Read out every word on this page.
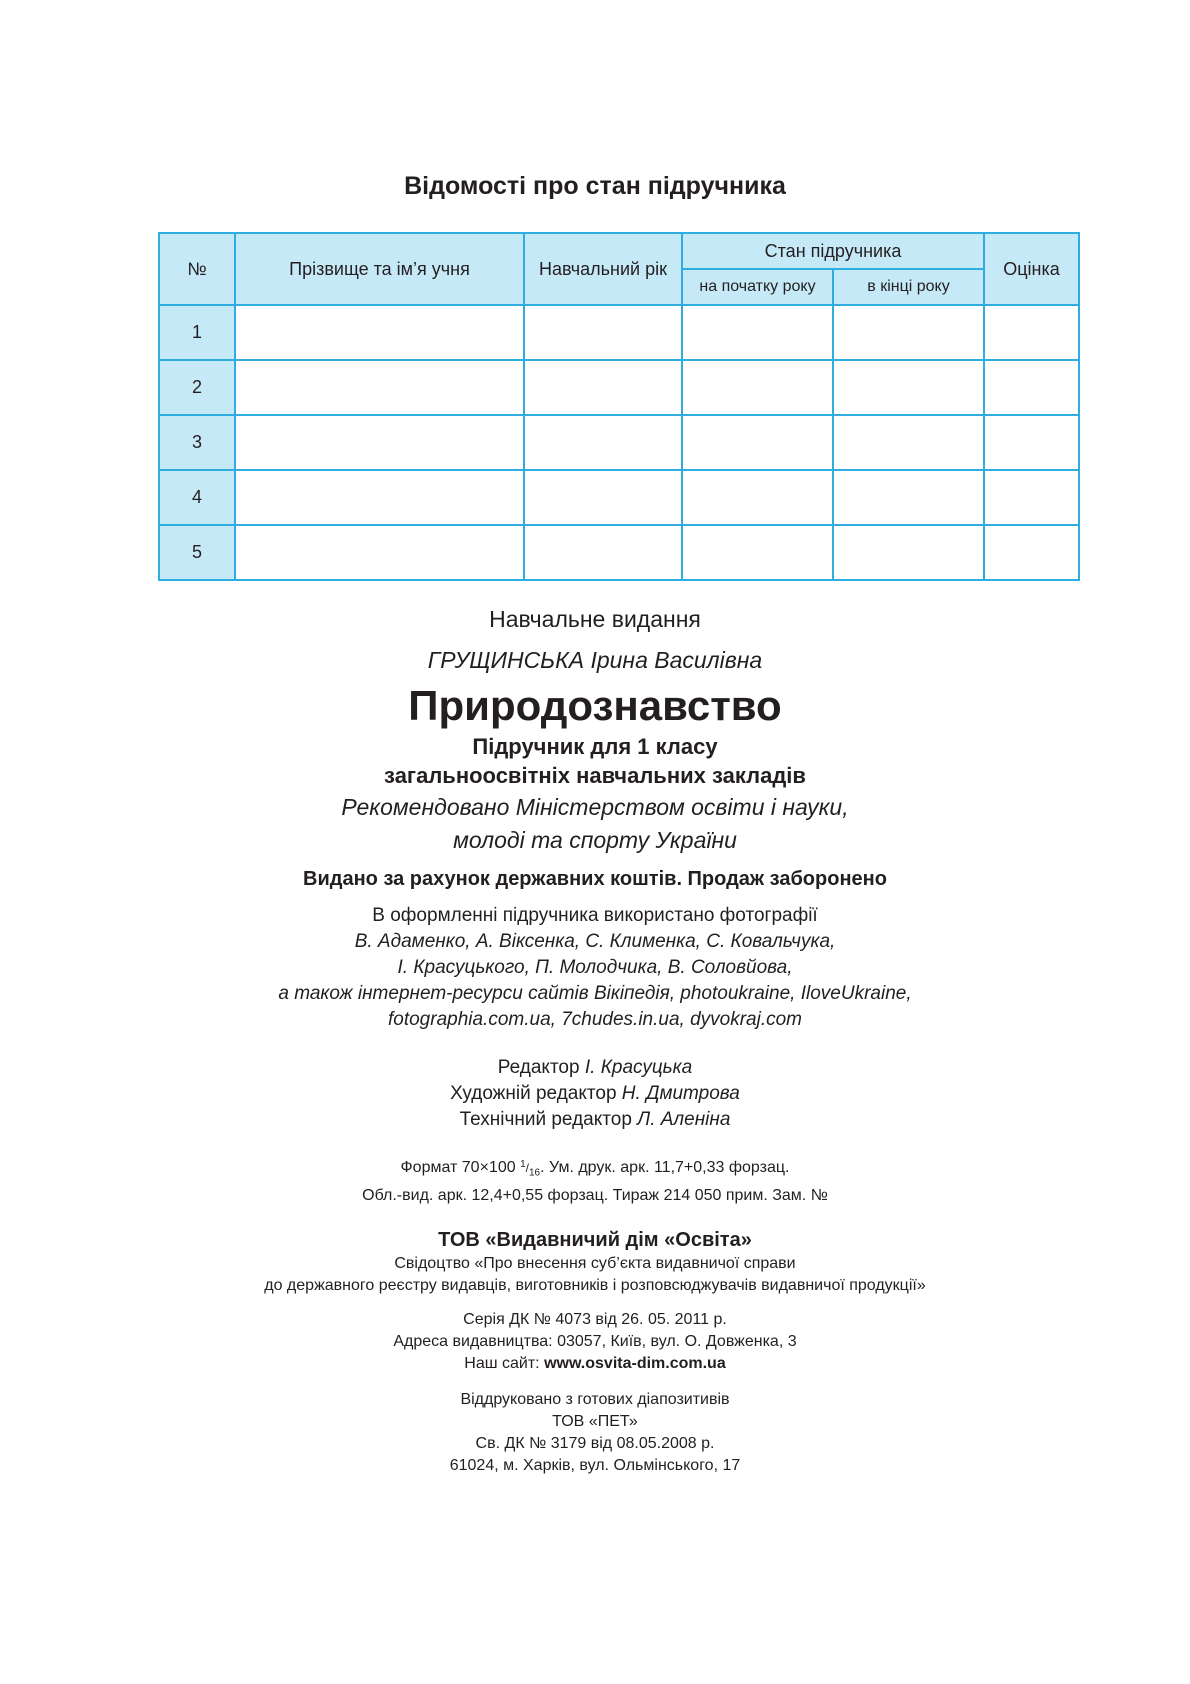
Відомості про стан підручника
№	Прізвище та ім’я учня	Навчальний рік	Стан підручника		Оцінка
			на початку року	в кінці року	
1					
2					
3					
4					
5					
Навчальне видання
ГРУЩИНСЬКА Ірина Василівна
Природознавство
Підручник для 1 класу
загальноосвітніх навчальних закладів
Рекомендовано Міністерством освіти і науки,
молоді та спорту України
Видано за рахунок державних коштів. Продаж заборонено
В оформленні підручника використано фотографії
В. Адаменко, А. Віксенка, С. Клименка, С. Ковальчука,
І. Красуцького, П. Молодчика, В. Соловйова,
а також інтернет-ресурси сайтів Вікіпедія, photoukraine, IloveUkraine,
fotographia.com.ua, 7chudes.in.ua, dyvokraj.com
Редактор І. Красуцька
Художній редактор Н. Дмитрова
Технічний редактор Л. Аленіна
Формат 70×100 $^1/_{16}$. Ум. друк. арк. 11,7+0,33 форзац.
Обл.-вид. арк. 12,4+0,55 форзац. Тираж 214 050 прим. Зам. №
ТОВ «Видавничий дім «Освіта»
Свідоцтво «Про внесення суб’єкта видавничої справи
до державного реєстру видавців, виготовників і розповсюджувачів видавничої продукції»
Серія ДК № 4073 від 26. 05. 2011 р.
Адреса видавництва: 03057, Київ, вул. О. Довженка, 3
Наш сайт: www.osvita-dim.com.ua
Віддруковано з готових діапозитивів
ТОВ «ПЕТ»
Св. ДК № 3179 від 08.05.2008 р.
61024, м. Харків, вул. Ольмінського, 17
